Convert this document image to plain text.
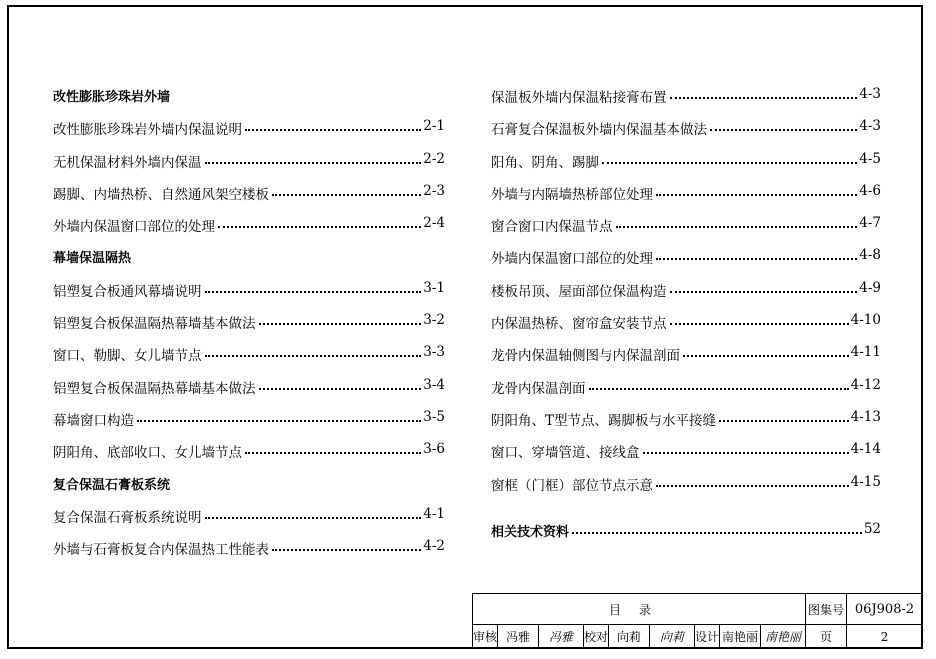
改性膨胀珍珠岩外墙
改性膨胀珍珠岩外墙内保温说明	2-1
无机保温材料外墙内保温	2-2
踢脚、内墙热桥、自然通风架空楼板	2-3
外墙内保温窗口部位的处理	2-4
幕墙保温隔热
铝塑复合板通风幕墙说明	3-1
铝塑复合板保温隔热幕墙基本做法	3-2
窗口、勒脚、女儿墙节点	3-3
铝塑复合板保温隔热幕墙基本做法	3-4
幕墙窗口构造	3-5
阴阳角、底部收口、女儿墙节点	3-6
复合保温石膏板系统
复合保温石膏板系统说明	4-1
外墙与石膏板复合内保温热工性能表	4-2
保温板外墙内保温粘接膏布置	4-3
石膏复合保温板外墙内保温基本做法	4-3
阳角、阴角、踢脚	4-5
外墙与内隔墙热桥部位处理	4-6
窗合窗口内保温节点	4-7
外墙内保温窗口部位的处理	4-8
楼板吊顶、屋面部位保温构造	4-9
内保温热桥、窗帘盒安装节点	4-10
龙骨内保温轴侧图与内保温剖面	4-11
龙骨内保温剖面	4-12
阴阳角、T型节点、踢脚板与水平接缝	4-13
窗口、穿墙管道、接线盒	4-14
窗框（门框）部位节点示意	4-15
相关技术资料	52
目录									图集号	06J908-2
审核	冯雅	冯雅	校对	向莉	向莉	设计	南艳丽	南艳丽	页	2
